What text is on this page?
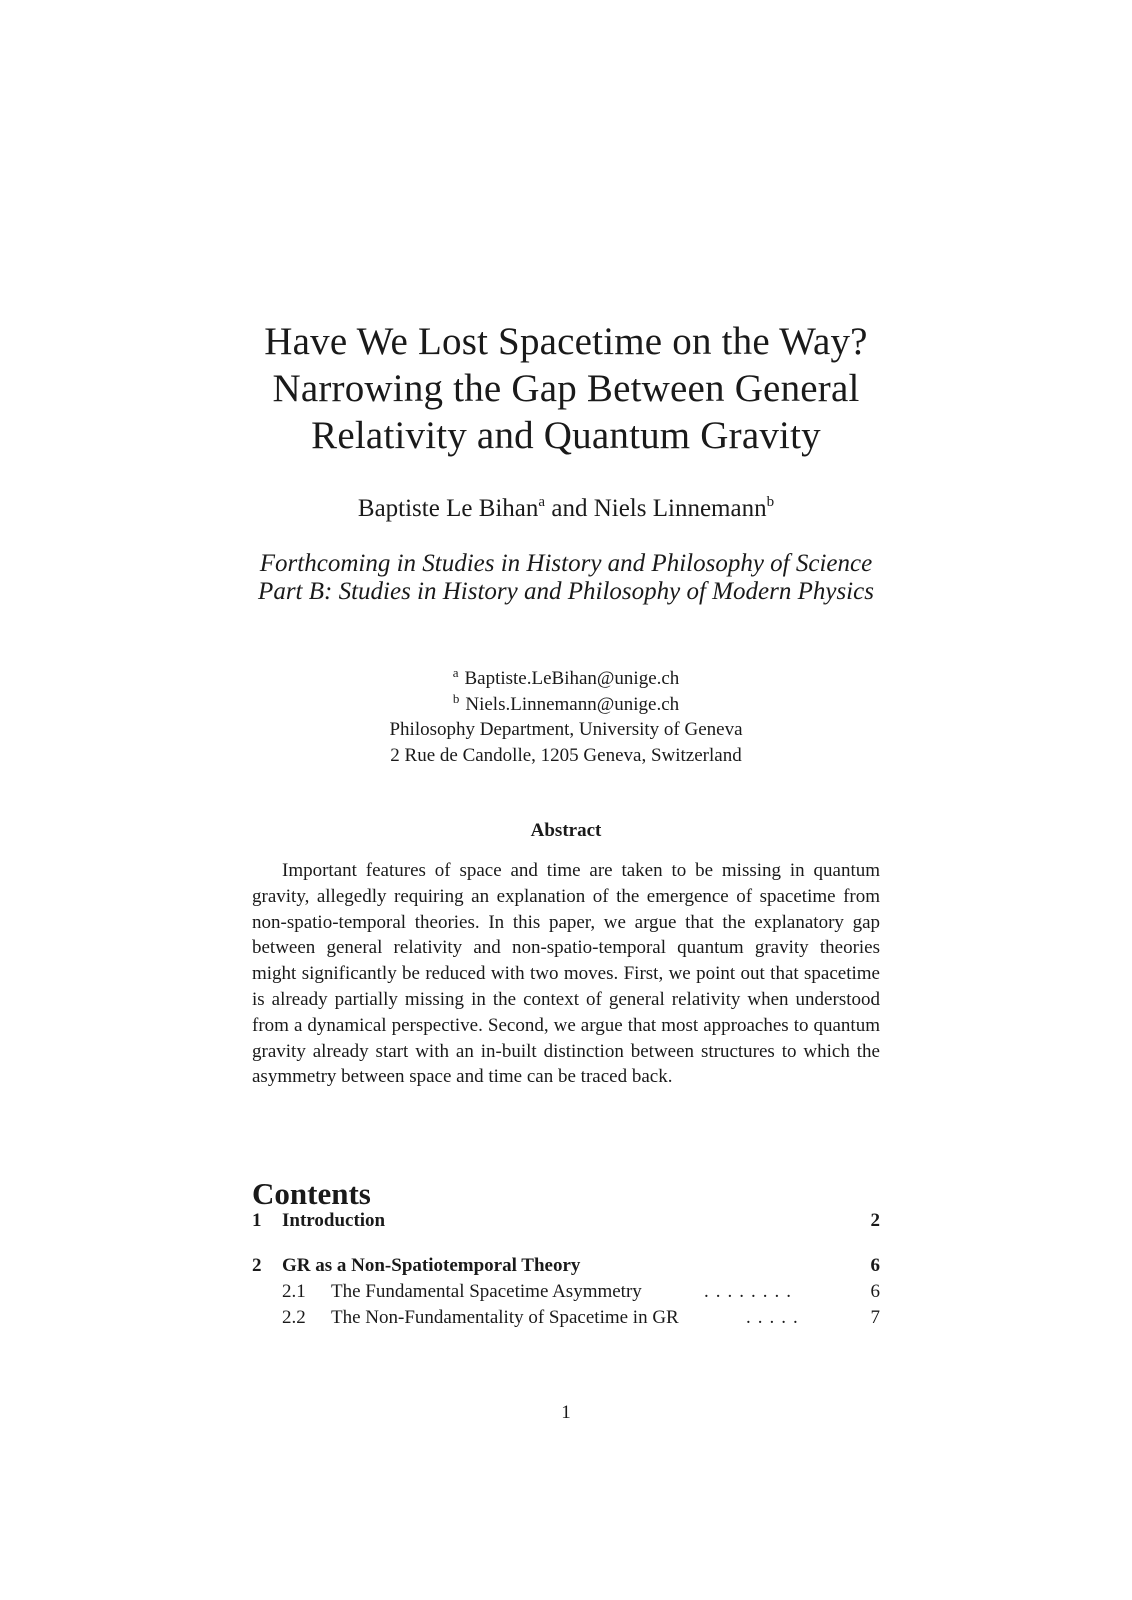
Have We Lost Spacetime on the Way?
Narrowing the Gap Between General
Relativity and Quantum Gravity
Baptiste Le Bihan$^a$ and Niels Linnemann$^b$
Forthcoming in Studies in History and Philosophy of Science
Part B: Studies in History and Philosophy of Modern Physics
$^a$ Baptiste.LeBihan@unige.ch
$^b$ Niels.Linnemann@unige.ch
Philosophy Department, University of Geneva
2 Rue de Candolle, 1205 Geneva, Switzerland
Abstract
Important features of space and time are taken to be missing in quantum gravity, allegedly requiring an explanation of the emergence of spacetime from non-spatio-temporal theories. In this paper, we argue that the explanatory gap between general relativity and non-spatio-temporal quantum gravity theories might significantly be reduced with two moves. First, we point out that spacetime is already partially missing in the context of general relativity when understood from a dynamical perspective. Second, we argue that most approaches to quantum gravity already start with an in-built distinction between structures to which the asymmetry between space and time can be traced back.
Contents
1 Introduction	2
2 GR as a Non-Spatiotemporal Theory	6
2.1 The Fundamental Spacetime Asymmetry	........	6
2.2 The Non-Fundamentality of Spacetime in GR	.....	7
1
